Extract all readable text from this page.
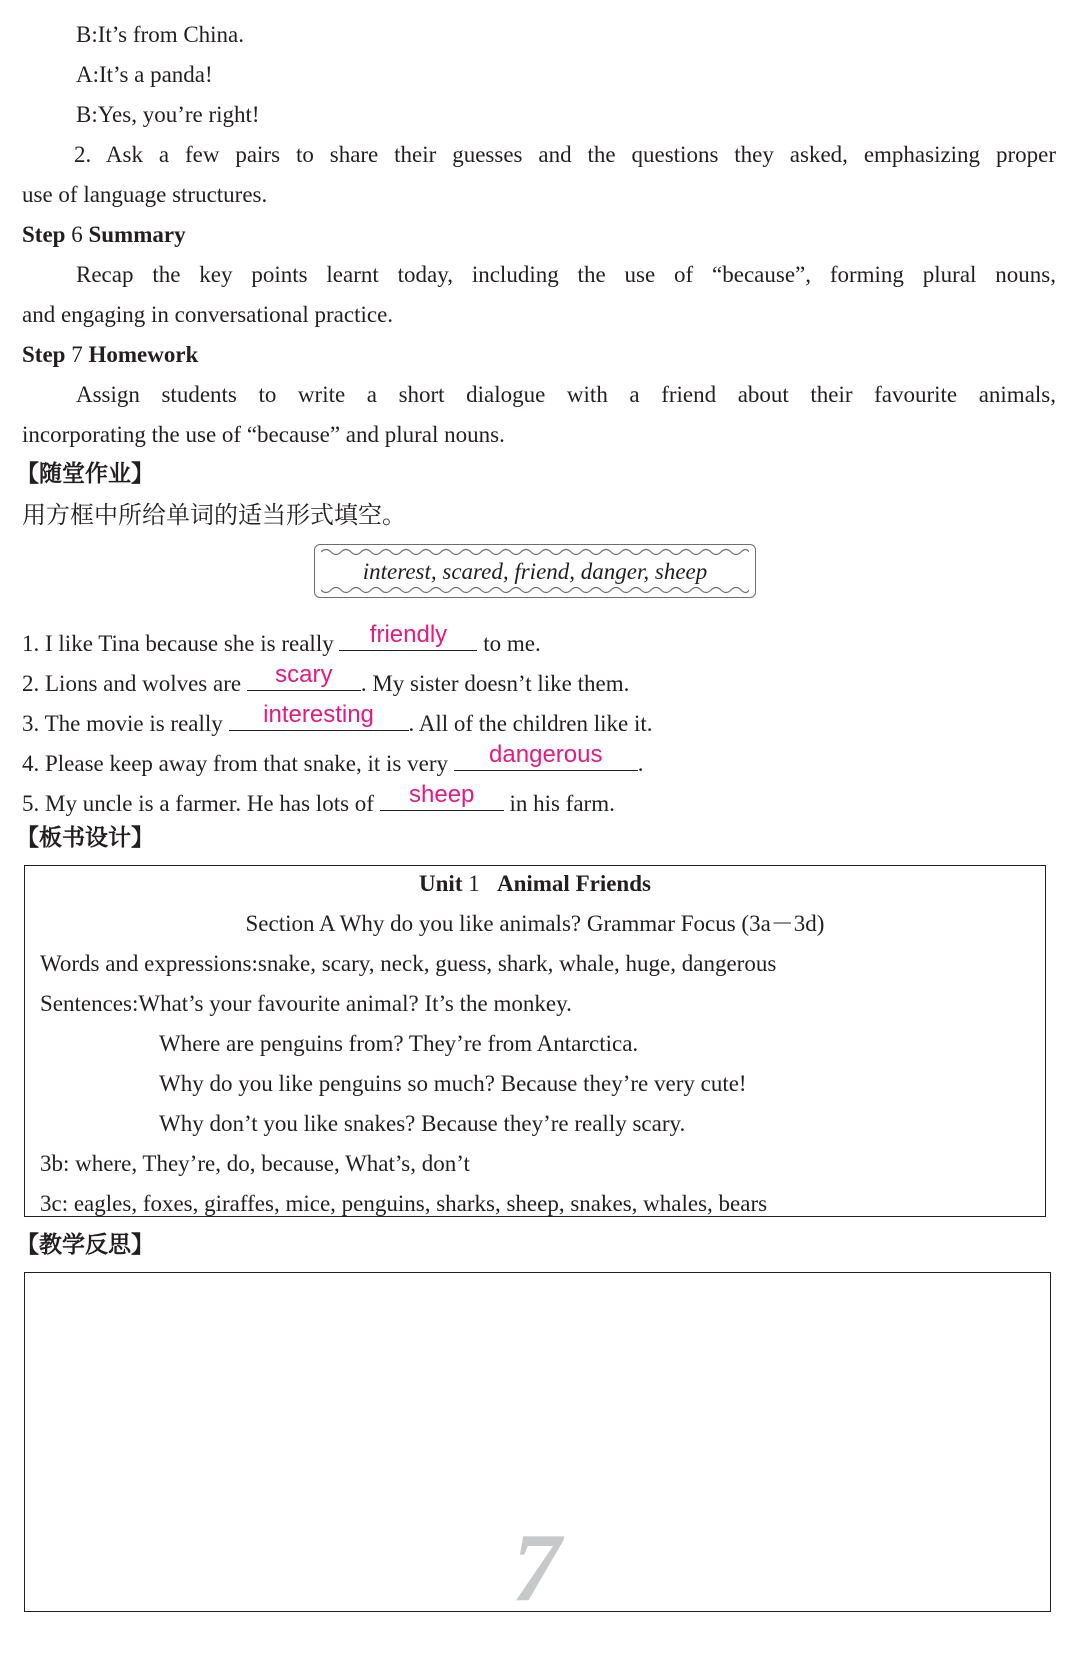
B:It’s from China.
A:It’s a panda!
B:Yes, you’re right!
2. Ask a few pairs to share their guesses and the questions they asked, emphasizing proper
use of language structures.
Step 6 Summary
Recap the key points learnt today, including the use of “because”, forming plural nouns,
and engaging in conversational practice.
Step 7 Homework
Assign students to write a short dialogue with a friend about their favourite animals,
incorporating the use of “because” and plural nouns.
【随堂作业】
用方框中所给单词的适当形式填空。
interest, scared, friend, danger, sheep
1. I like Tina because she is really	friendly	to me.
2. Lions and wolves are	scary	. My sister doesn’t like them.
3. The movie is really	interesting	. All of the children like it.
4. Please keep away from that snake, it is very	dangerous	.
5. My uncle is a farmer. He has lots of	sheep	in his farm.
【板书设计】
Unit 1 Animal Friends
Section A Why do you like animals? Grammar Focus (3a－3d)
Words and expressions:snake, scary, neck, guess, shark, whale, huge, dangerous
Sentences:What’s your favourite animal? It’s the monkey.
Where are penguins from? They’re from Antarctica.
Why do you like penguins so much? Because they’re very cute!
Why don’t you like snakes? Because they’re really scary.
3b: where, They’re, do, because, What’s, don’t
3c: eagles, foxes, giraffes, mice, penguins, sharks, sheep, snakes, whales, bears
【教学反思】
7
